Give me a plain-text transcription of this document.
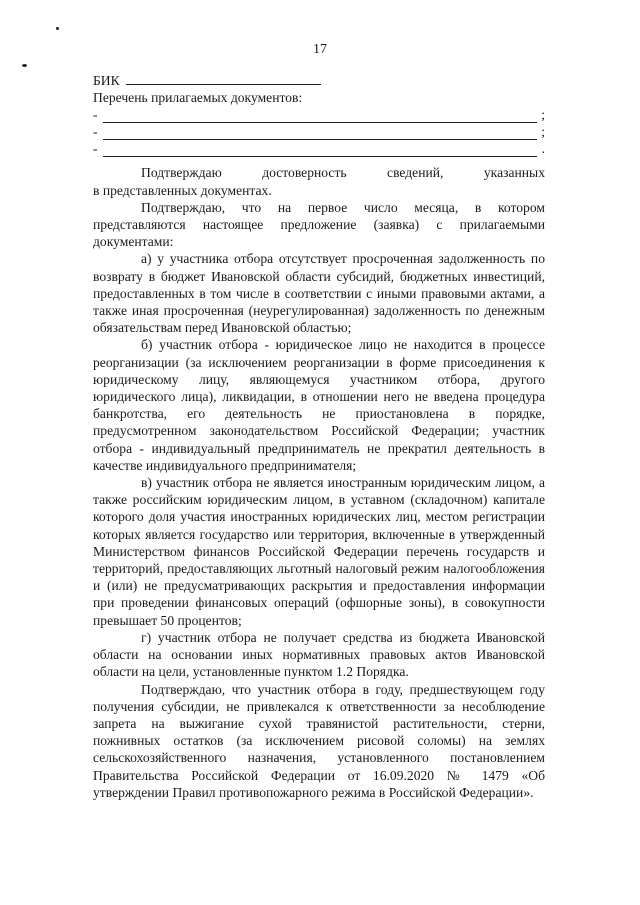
17
БИК
Перечень прилагаемых документов:
-	;
-	;
-	.

Подтверждаю достоверность сведений, указанных

в представленных документах.

Подтверждаю, что на первое число месяца, в котором представляются настоящее предложение (заявка) с прилагаемыми документами:

а) у участника отбора отсутствует просроченная задолженность по возврату в бюджет Ивановской области субсидий, бюджетных инвестиций, предоставленных в том числе в соответствии с иными правовыми актами, а также иная просроченная (неурегулированная) задолженность по денежным обязательствам перед Ивановской областью;

б) участник отбора - юридическое лицо не находится в процессе реорганизации (за исключением реорганизации в форме присоединения к юридическому лицу, являющемуся участником отбора, другого юридического лица), ликвидации, в отношении него не введена процедура банкротства, его деятельность не приостановлена в порядке, предусмотренном законодательством Российской Федерации; участник отбора - индивидуальный предприниматель не прекратил деятельность в качестве индивидуального предпринимателя;

в) участник отбора не является иностранным юридическим лицом, а также российским юридическим лицом, в уставном (складочном) капитале которого доля участия иностранных юридических лиц, местом регистрации которых является государство или территория, включенные в утвержденный Министерством финансов Российской Федерации перечень государств и территорий, предоставляющих льготный налоговый режим налогообложения и (или) не предусматривающих раскрытия и предоставления информации при проведении финансовых операций (офшорные зоны), в совокупности превышает 50 процентов;

г) участник отбора не получает средства из бюджета Ивановской области на основании иных нормативных правовых актов Ивановской области на цели, установленные пунктом 1.2 Порядка.

Подтверждаю, что участник отбора в году, предшествующем году получения субсидии, не привлекался к ответственности за несоблюдение запрета на выжигание сухой травянистой растительности, стерни, пожнивных остатков (за исключением рисовой соломы) на землях сельскохозяйственного назначения, установленного постановлением Правительства Российской Федерации от 16.09.2020 № 1479 «Об утверждении Правил противопожарного режима в Российской Федерации».
